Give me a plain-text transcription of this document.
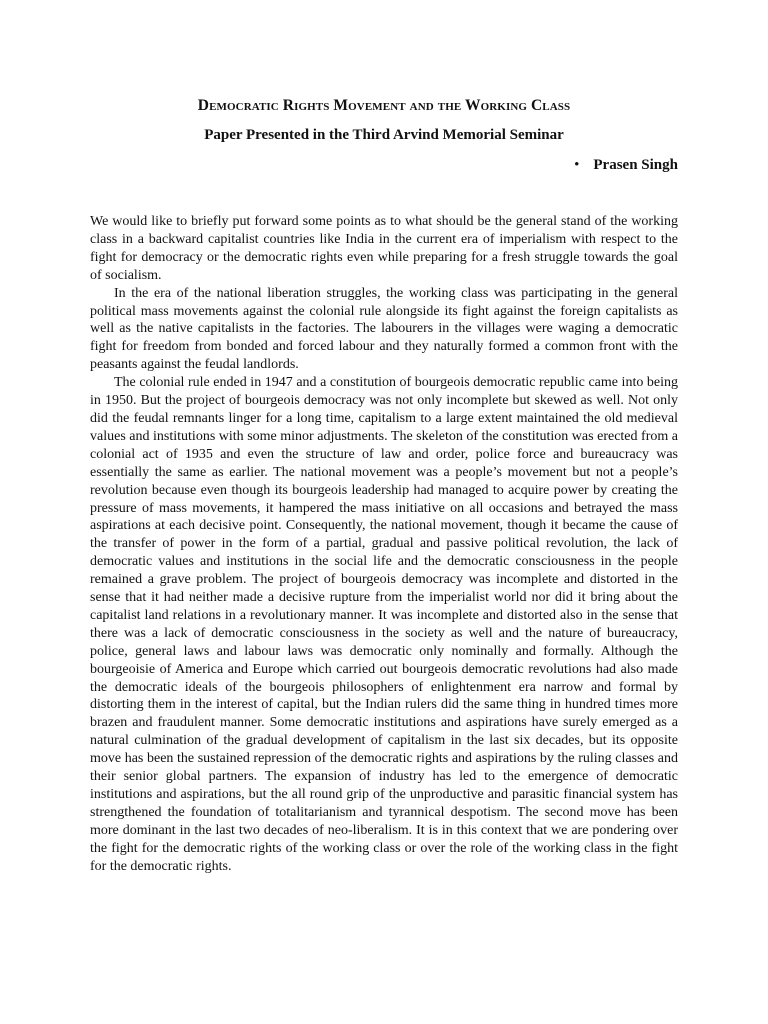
Democratic Rights Movement and the Working Class
Paper Presented in the Third Arvind Memorial Seminar
• Prasen Singh

We would like to briefly put forward some points as to what should be the general stand of the working class in a backward capitalist countries like India in the current era of imperialism with respect to the fight for democracy or the democratic rights even while preparing for a fresh struggle towards the goal of socialism.

In the era of the national liberation struggles, the working class was participating in the general political mass movements against the colonial rule alongside its fight against the foreign capitalists as well as the native capitalists in the factories. The labourers in the villages were waging a democratic fight for freedom from bonded and forced labour and they naturally formed a common front with the peasants against the feudal landlords.

The colonial rule ended in 1947 and a constitution of bourgeois democratic republic came into being in 1950. But the project of bourgeois democracy was not only incomplete but skewed as well. Not only did the feudal remnants linger for a long time, capitalism to a large extent maintained the old medieval values and institutions with some minor adjustments. The skeleton of the constitution was erected from a colonial act of 1935 and even the structure of law and order, police force and bureaucracy was essentially the same as earlier. The national movement was a people’s movement but not a people’s revolution because even though its bourgeois leadership had managed to acquire power by creating the pressure of mass movements, it hampered the mass initiative on all occasions and betrayed the mass aspirations at each decisive point. Consequently, the national movement, though it became the cause of the transfer of power in the form of a partial, gradual and passive political revolution, the lack of democratic values and institutions in the social life and the democratic consciousness in the people remained a grave problem. The project of bourgeois democracy was incomplete and distorted in the sense that it had neither made a decisive rupture from the imperialist world nor did it bring about the capitalist land relations in a revolutionary manner. It was incomplete and distorted also in the sense that there was a lack of democratic consciousness in the society as well and the nature of bureaucracy, police, general laws and labour laws was democratic only nominally and formally. Although the bourgeoisie of America and Europe which carried out bourgeois democratic revolutions had also made the democratic ideals of the bourgeois philosophers of enlightenment era narrow and formal by distorting them in the interest of capital, but the Indian rulers did the same thing in hundred times more brazen and fraudulent manner. Some democratic institutions and aspirations have surely emerged as a natural culmination of the gradual development of capitalism in the last six decades, but its opposite move has been the sustained repression of the democratic rights and aspirations by the ruling classes and their senior global partners. The expansion of industry has led to the emergence of democratic institutions and aspirations, but the all round grip of the unproductive and parasitic financial system has strengthened the foundation of totalitarianism and tyrannical despotism. The second move has been more dominant in the last two decades of neo-liberalism. It is in this context that we are pondering over the fight for the democratic rights of the working class or over the role of the working class in the fight for the democratic rights.
